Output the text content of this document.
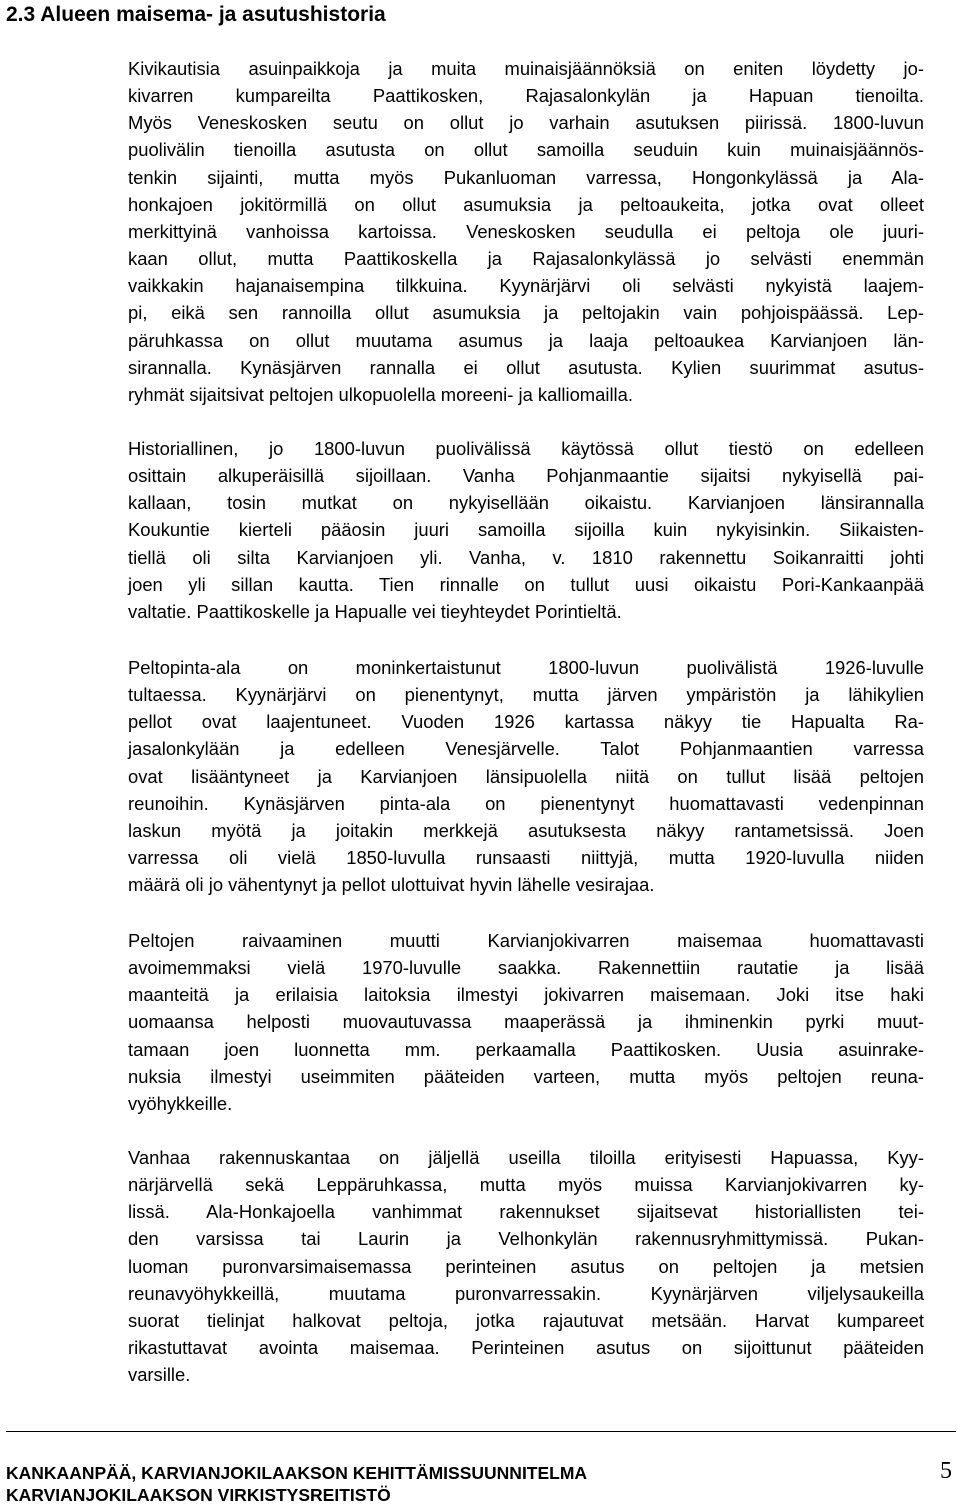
2.3 Alueen maisema- ja asutushistoria
Kivikautisia asuinpaikkoja ja muita muinaisjäännöksiä on eniten löydetty jo-
kivarren kumpareilta Paattikosken, Rajasalonkylän ja Hapuan tienoilta.
Myös Veneskosken seutu on ollut jo varhain asutuksen piirissä. 1800-luvun
puolivälin tienoilla asutusta on ollut samoilla seuduin kuin muinaisjäännös-
tenkin sijainti, mutta myös Pukanluoman varressa, Hongonkylässä ja Ala-
honkajoen jokitörmillä on ollut asumuksia ja peltoaukeita, jotka ovat olleet
merkittyinä vanhoissa kartoissa. Veneskosken seudulla ei peltoja ole juuri-
kaan ollut, mutta Paattikoskella ja Rajasalonkylässä jo selvästi enemmän
vaikkakin hajanaisempina tilkkuina. Kyynärjärvi oli selvästi nykyistä laajem-
pi, eikä sen rannoilla ollut asumuksia ja peltojakin vain pohjoispäässä. Lep-
päruhkassa on ollut muutama asumus ja laaja peltoaukea Karvianjoen län-
sirannalla. Kynäsjärven rannalla ei ollut asutusta. Kylien suurimmat asutus-
ryhmät sijaitsivat peltojen ulkopuolella moreeni- ja kalliomailla.
Historiallinen, jo 1800-luvun puolivälissä käytössä ollut tiestö on edelleen
osittain alkuperäisillä sijoillaan. Vanha Pohjanmaantie sijaitsi nykyisellä pai-
kallaan, tosin mutkat on nykyisellään oikaistu. Karvianjoen länsirannalla
Koukuntie kierteli pääosin juuri samoilla sijoilla kuin nykyisinkin. Siikaisten-
tiellä oli silta Karvianjoen yli. Vanha, v. 1810 rakennettu Soikanraitti johti
joen yli sillan kautta. Tien rinnalle on tullut uusi oikaistu Pori-Kankaanpää
valtatie. Paattikoskelle ja Hapualle vei tieyhteydet Porintieltä.
Peltopinta-ala on moninkertaistunut 1800-luvun puolivälistä 1926-luvulle
tultaessa. Kyynärjärvi on pienentynyt, mutta järven ympäristön ja lähikylien
pellot ovat laajentuneet. Vuoden 1926 kartassa näkyy tie Hapualta Ra-
jasalonkylään ja edelleen Venesjärvelle. Talot Pohjanmaantien varressa
ovat lisääntyneet ja Karvianjoen länsipuolella niitä on tullut lisää peltojen
reunoihin. Kynäsjärven pinta-ala on pienentynyt huomattavasti vedenpinnan
laskun myötä ja joitakin merkkejä asutuksesta näkyy rantametsissä. Joen
varressa oli vielä 1850-luvulla runsaasti niittyjä, mutta 1920-luvulla niiden
määrä oli jo vähentynyt ja pellot ulottuivat hyvin lähelle vesirajaa.
Peltojen raivaaminen muutti Karvianjokivarren maisemaa huomattavasti
avoimemmaksi vielä 1970-luvulle saakka. Rakennettiin rautatie ja lisää
maanteitä ja erilaisia laitoksia ilmestyi jokivarren maisemaan. Joki itse haki
uomaansa helposti muovautuvassa maaperässä ja ihminenkin pyrki muut-
tamaan joen luonnetta mm. perkaamalla Paattikosken. Uusia asuinrake-
nuksia ilmestyi useimmiten pääteiden varteen, mutta myös peltojen reuna-
vyöhykkeille.
Vanhaa rakennuskantaa on jäljellä useilla tiloilla erityisesti Hapuassa, Kyy-
närjärvellä sekä Leppäruhkassa, mutta myös muissa Karvianjokivarren ky-
lissä. Ala-Honkajoella vanhimmat rakennukset sijaitsevat historiallisten tei-
den varsissa tai Laurin ja Velhonkylän rakennusryhmittymissä. Pukan-
luoman puronvarsimaisemassa perinteinen asutus on peltojen ja metsien
reunavyöhykkeillä, muutama puronvarressakin. Kyynärjärven viljelysaukeilla
suorat tielinjat halkovat peltoja, jotka rajautuvat metsään. Harvat kumpareet
rikastuttavat avointa maisemaa. Perinteinen asutus on sijoittunut pääteiden
varsille.
KANKAANPÄÄ, KARVIANJOKILAAKSON KEHITTÄMISSUUNNITELMA
KARVIANJOKILAAKSON VIRKISTYSREITISTÖ
5
